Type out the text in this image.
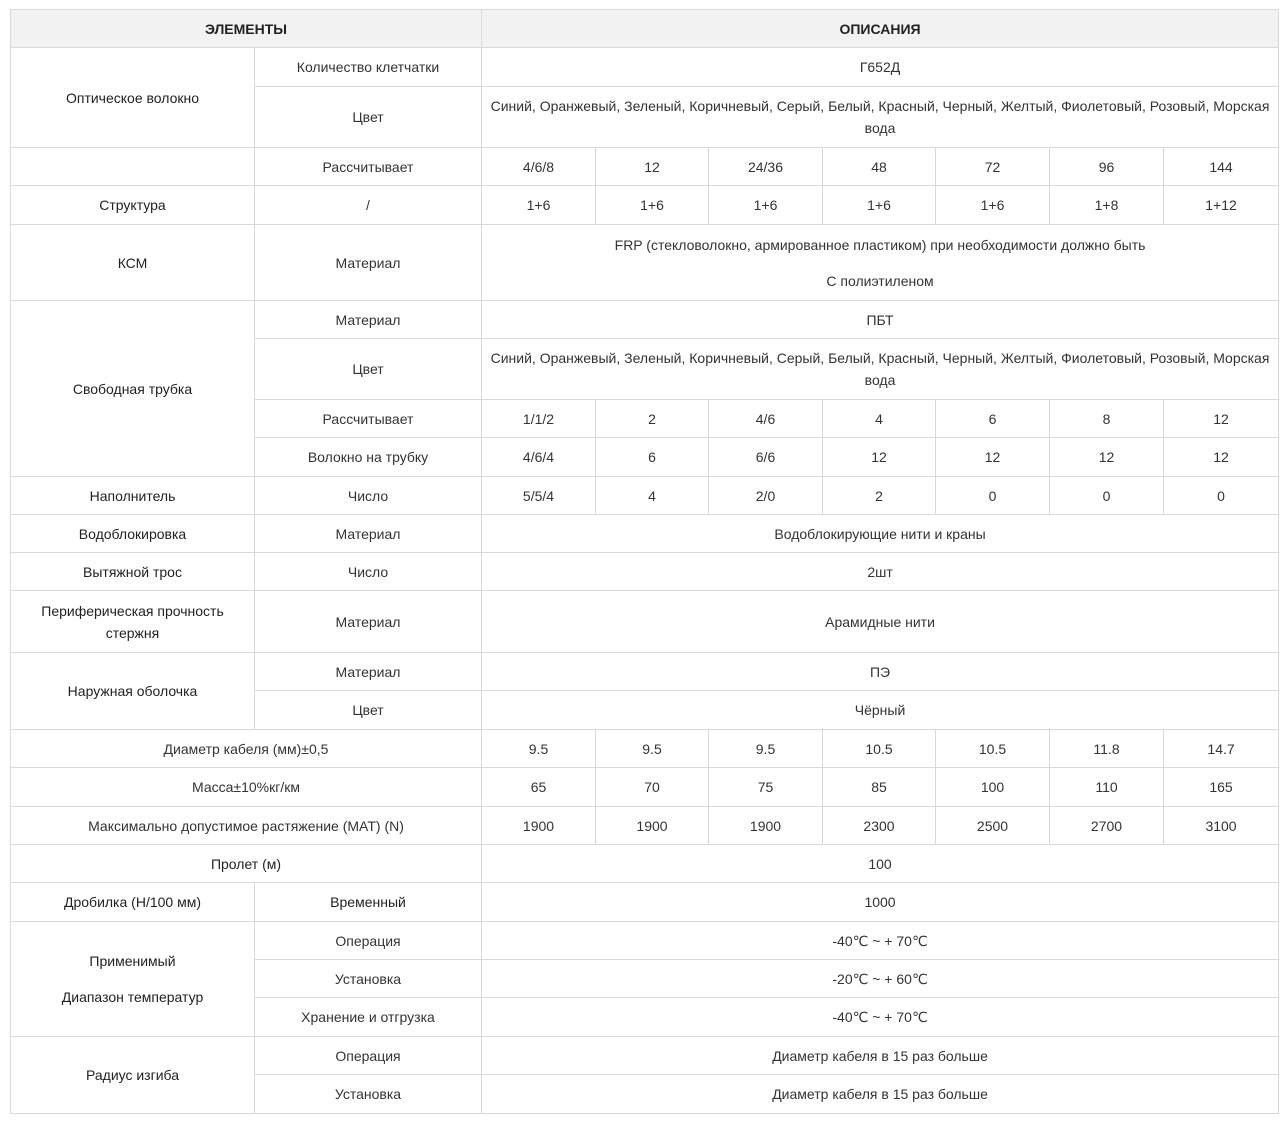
ЭЛЕМЕНТЫ		ОПИСАНИЯ						
Оптическое волокно	Количество клетчатки	Г652Д						
	Цвет	Синий, Оранжевый, Зеленый, Коричневый, Серый, Белый, Красный, Черный, Желтый, Фиолетовый, Розовый, Морская вода						
	Рассчитывает	4/6/8	12	24/36	48	72	96	144
Структура	/	1+6	1+6	1+6	1+6	1+6	1+8	1+12
КСМ	Материал	FRP (стекловолокно, армированное пластиком) при необходимости должно быть

С полиэтиленом						

Свободная трубка	Материал	ПБТ						
	Цвет	Синий, Оранжевый, Зеленый, Коричневый, Серый, Белый, Красный, Черный, Желтый, Фиолетовый, Розовый, Морская вода						
	Рассчитывает	1/1/2	2	4/6	4	6	8	12
	Волокно на трубку	4/6/4	6	6/6	12	12	12	12
Наполнитель	Число	5/5/4	4	2/0	2	0	0	0
Водоблокировка	Материал	Водоблокирующие нити и краны						
Вытяжной трос	Число	2шт						
Периферическая прочность стержня	Материал	Арамидные нити						
Наружная оболочка	Материал	ПЭ						
	Цвет	Чёрный						
Диаметр кабеля (мм)±0,5		9.5	9.5	9.5	10.5	10.5	11.8	14.7
Масса±10%кг/км		65	70	75	85	100	110	165
Максимально допустимое растяжение (MAT) (N)		1900	1900	1900	2300	2500	2700	3100
Пролет (м)		100						
Дробилка (Н/100 мм)	Временный	1000						

Применимый

Диапазон температур	Операция	-40℃ ~ + 70℃						
	Установка	-20℃ ~ + 60℃						
	Хранение и отгрузка	-40℃ ~ + 70℃						
Радиус изгиба	Операция	Диаметр кабеля в 15 раз больше						
	Установка	Диаметр кабеля в 15 раз больше						
